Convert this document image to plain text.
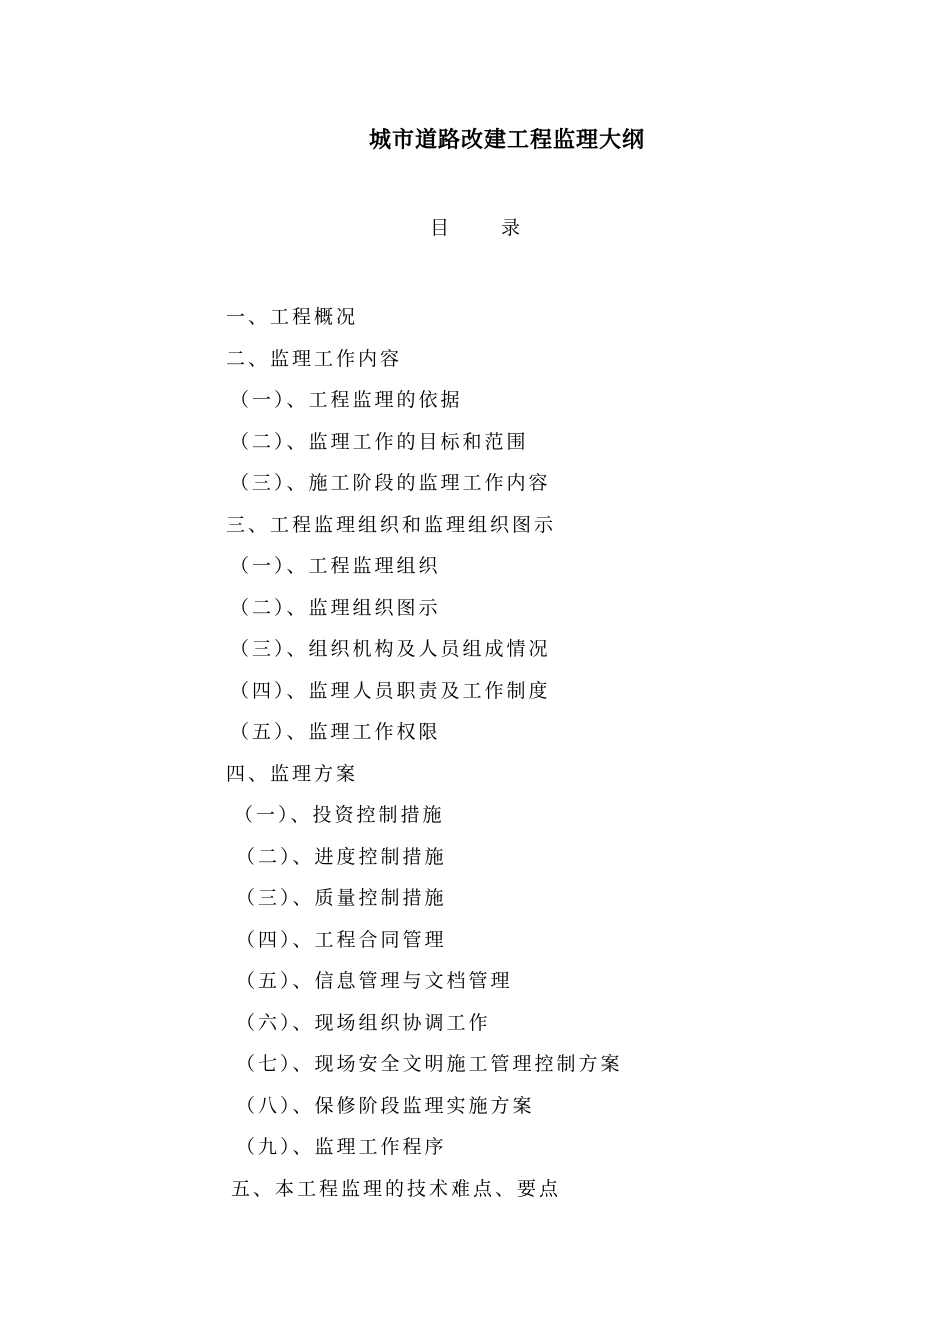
城市道路改建工程监理大纲
目	录
一、工程概况
二、监理工作内容
（一）、工程监理的依据
（二）、监理工作的目标和范围
（三）、施工阶段的监理工作内容
三、工程监理组织和监理组织图示
（一）、工程监理组织
（二）、监理组织图示
（三）、组织机构及人员组成情况
（四）、监理人员职责及工作制度
（五）、监理工作权限
四、监理方案
（一）、投资控制措施
（二）、进度控制措施
（三）、质量控制措施
（四）、工程合同管理
（五）、信息管理与文档管理
（六）、现场组织协调工作
（七）、现场安全文明施工管理控制方案
（八）、保修阶段监理实施方案
（九）、监理工作程序
五、本工程监理的技术难点、要点
